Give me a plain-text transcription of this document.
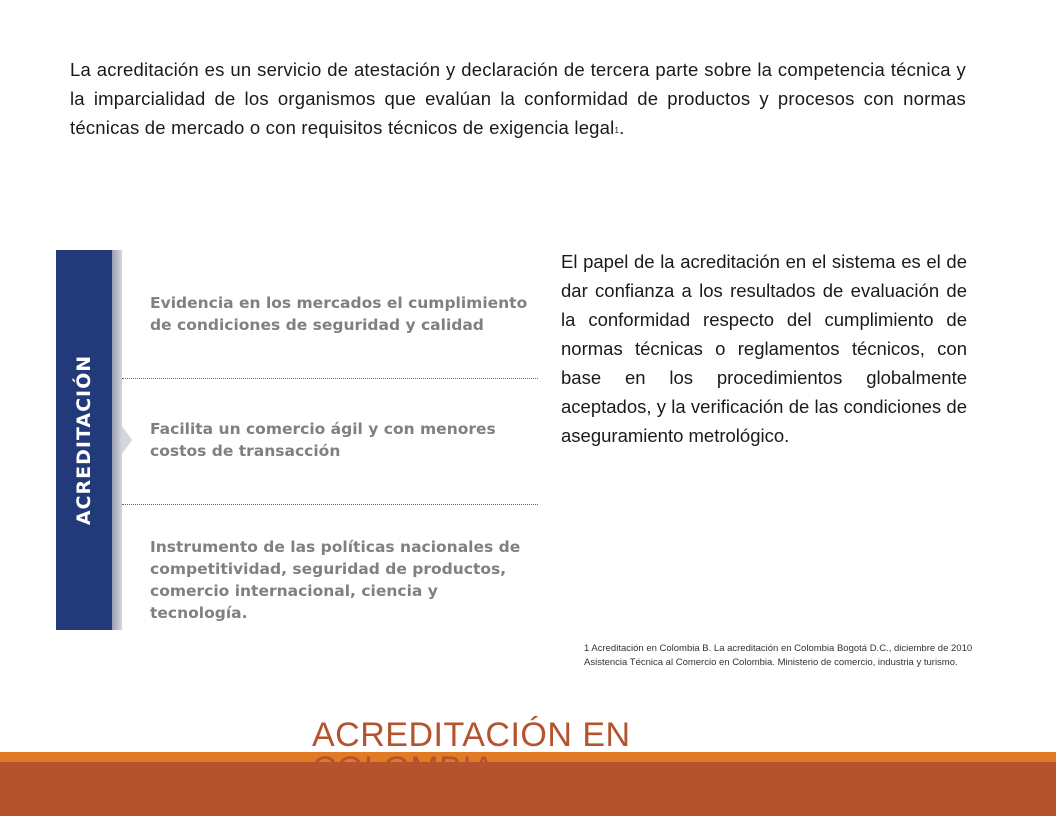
La acreditación es un servicio de atestación y declaración de tercera parte sobre la competencia técnica y la imparcialidad de los organismos que evalúan la conformidad de productos y procesos con normas técnicas de mercado o con requisitos técnicos de exigencia legal$^1$.

ACREDITACIÓN

Evidencia en los mercados el cumplimiento de condiciones de seguridad y calidad

Facilita un comercio ágil y con menores costos de transacción

Instrumento de las políticas nacionales de competitividad, seguridad de productos, comercio internacional, ciencia y tecnología.

El papel de la acreditación en el sistema es el de dar confianza a los resultados de evaluación de la conformidad respecto del cumplimiento de normas técnicas o reglamentos técnicos, con base en los procedimientos globalmente aceptados, y la verificación de las condiciones de aseguramiento metrológico.

1 Acreditación en Colombia B. La acreditación en Colombia Bogotá D.C., diciembre de 2010
Asistencia Técnica al Comercio en Colombia. Ministerio de comercio, industria y turismo.
ACREDITACIÓN EN COLOMBIA
